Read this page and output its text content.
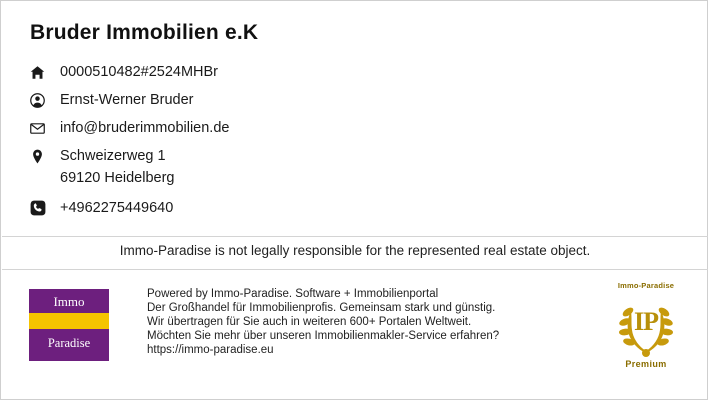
Bruder Immobilien e.K
0000510482#2524MHBr
Ernst-Werner Bruder
info@bruderimmobilien.de
Schweizerweg 1
69120 Heidelberg
+4962275449640
Immo-Paradise is not legally responsible for the represented real estate object.
Immo
Paradise
Powered by Immo-Paradise. Software + Immobilienportal
Der Großhandel für Immobilienprofis. Gemeinsam stark und günstig.
Wir übertragen für Sie auch in weiteren 600+ Portalen Weltweit.
Möchten Sie mehr über unseren Immobilienmakler-Service erfahren?
https://immo-paradise.eu
Immo-Paradise
IP
Premium
